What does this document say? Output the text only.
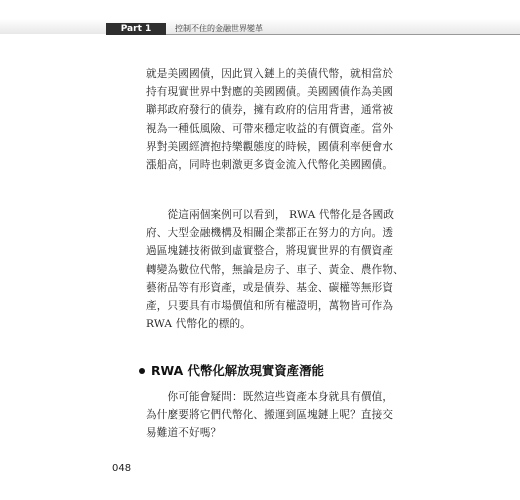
Part 1	控制不住的金融世界變革
就是美國國債，因此買入鏈上的美債代幣，就相當於
持有現實世界中對應的美國國債。美國國債作為美國
聯邦政府發行的債券，擁有政府的信用背書，通常被
視為一種低風險、可帶來穩定收益的有價資產。當外
界對美國經濟抱持樂觀態度的時候，國債利率便會水
漲船高，同時也刺激更多資金流入代幣化美國國債。
　　從這兩個案例可以看到， RWA 代幣化是各國政
府、大型金融機構及相關企業都正在努力的方向。透
過區塊鏈技術做到虛實整合，將現實世界的有價資產
轉變為數位代幣，無論是房子、車子、黃金、農作物、
藝術品等有形資產，或是債券、基金、碳權等無形資
產，只要具有市場價值和所有權證明，萬物皆可作為
RWA 代幣化的標的。
RWA 代幣化解放現實資產潛能
　　你可能會疑問：既然這些資產本身就具有價值，
為什麼要將它們代幣化、搬運到區塊鏈上呢？直接交
易難道不好嗎？
048
